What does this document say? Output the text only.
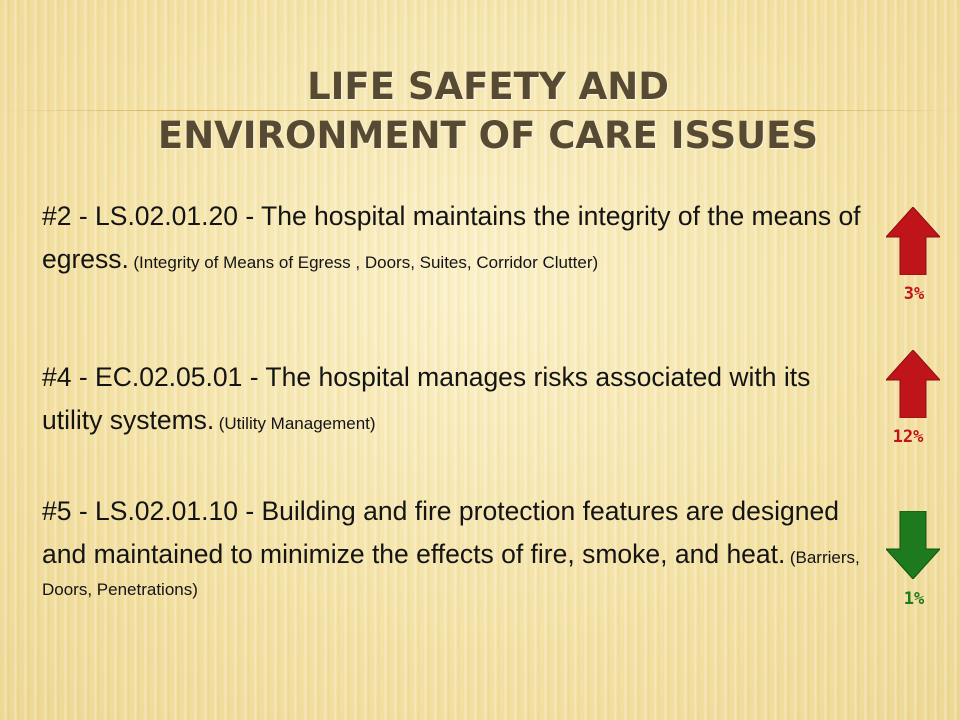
LIFE SAFETY AND
ENVIRONMENT OF CARE ISSUES
#2 - LS.02.01.20 - The hospital maintains the integrity of the means of egress. (Integrity of Means of Egress , Doors, Suites, Corridor Clutter)
#4 - EC.02.05.01 - The hospital manages risks associated with its utility systems. (Utility Management)
#5 - LS.02.01.10 - Building and fire protection features are designed and maintained to minimize the effects of fire, smoke, and heat. (Barriers, Doors, Penetrations)
3%
12%
1%
